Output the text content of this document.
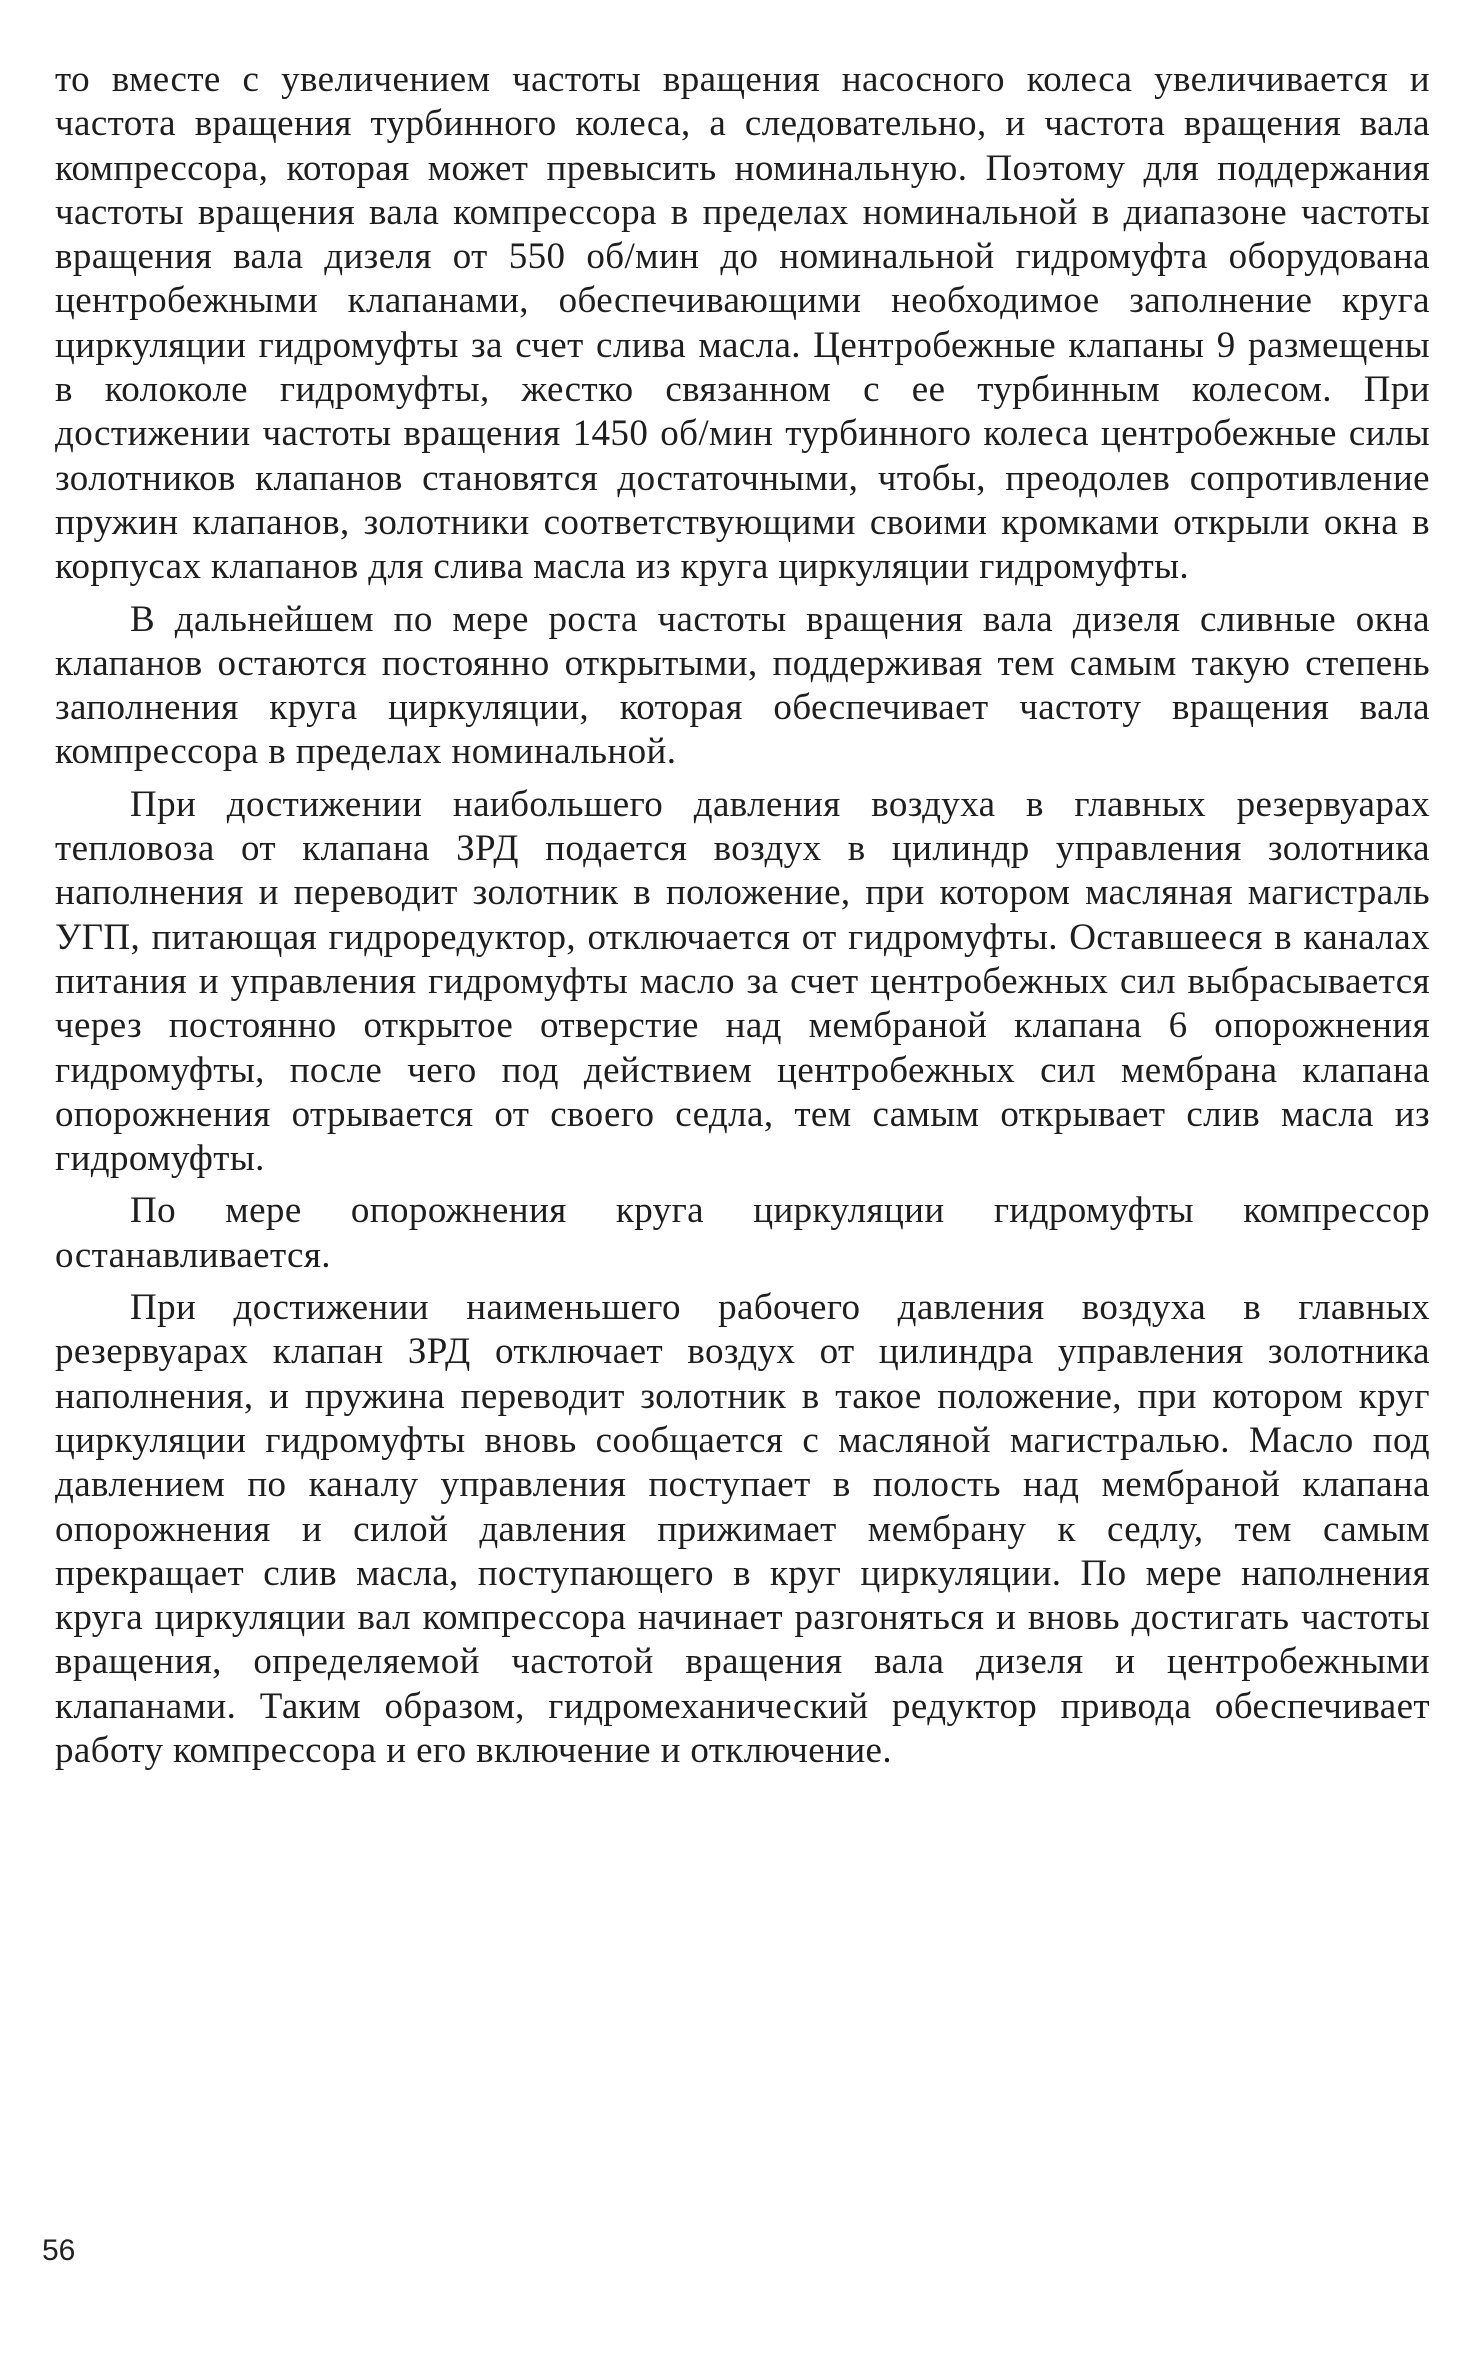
то вместе с увеличением частоты вращения насосного колеса увеличивается и частота вращения турбинного колеса, а следовательно, и частота вращения вала компрессора, которая может превысить номинальную. Поэтому для поддержания частоты вращения вала компрессора в пределах номинальной в диапазоне частоты вращения вала дизеля от 550 об/мин до номинальной гидромуфта оборудована центробежными клапанами, обеспечивающими необходимое заполнение круга циркуляции гидромуфты за счет слива масла. Центробежные клапаны 9 размещены в колоколе гидромуфты, жестко связанном с ее турбинным колесом. При достижении частоты вращения 1450 об/мин турбинного колеса центробежные силы золотников клапанов становятся достаточными, чтобы, преодолев сопротивление пружин клапанов, золотники соответствующими своими кромками открыли окна в корпусах клапанов для слива масла из круга циркуляции гидромуфты.

В дальнейшем по мере роста частоты вращения вала дизеля сливные окна клапанов остаются постоянно открытыми, поддерживая тем самым такую степень заполнения круга циркуляции, которая обеспечивает частоту вращения вала компрессора в пределах номинальной.

При достижении наибольшего давления воздуха в главных резервуарах тепловоза от клапана ЗРД подается воздух в цилиндр управления золотника наполнения и переводит золотник в положение, при котором масляная магистраль УГП, питающая гидроредуктор, отключается от гидромуфты. Оставшееся в каналах питания и управления гидромуфты масло за счет центробежных сил выбрасывается через постоянно открытое отверстие над мембраной клапана 6 опорожнения гидромуфты, после чего под действием центробежных сил мембрана клапана опорожнения отрывается от своего седла, тем самым открывает слив масла из гидромуфты.

По мере опорожнения круга циркуляции гидромуфты компрессор останавливается.

При достижении наименьшего рабочего давления воздуха в главных резервуарах клапан ЗРД отключает воздух от цилиндра управления золотника наполнения, и пружина переводит золотник в такое положение, при котором круг циркуляции гидромуфты вновь сообщается с масляной магистралью. Масло под давлением по каналу управления поступает в полость над мембраной клапана опорожнения и силой давления прижимает мембрану к седлу, тем самым прекращает слив масла, поступающего в круг циркуляции. По мере наполнения круга циркуляции вал компрессора начинает разгоняться и вновь достигать частоты вращения, определяемой частотой вращения вала дизеля и центробежными клапанами. Таким образом, гидромеханический редуктор привода обеспечивает работу компрессора и его включение и отключение.

56
